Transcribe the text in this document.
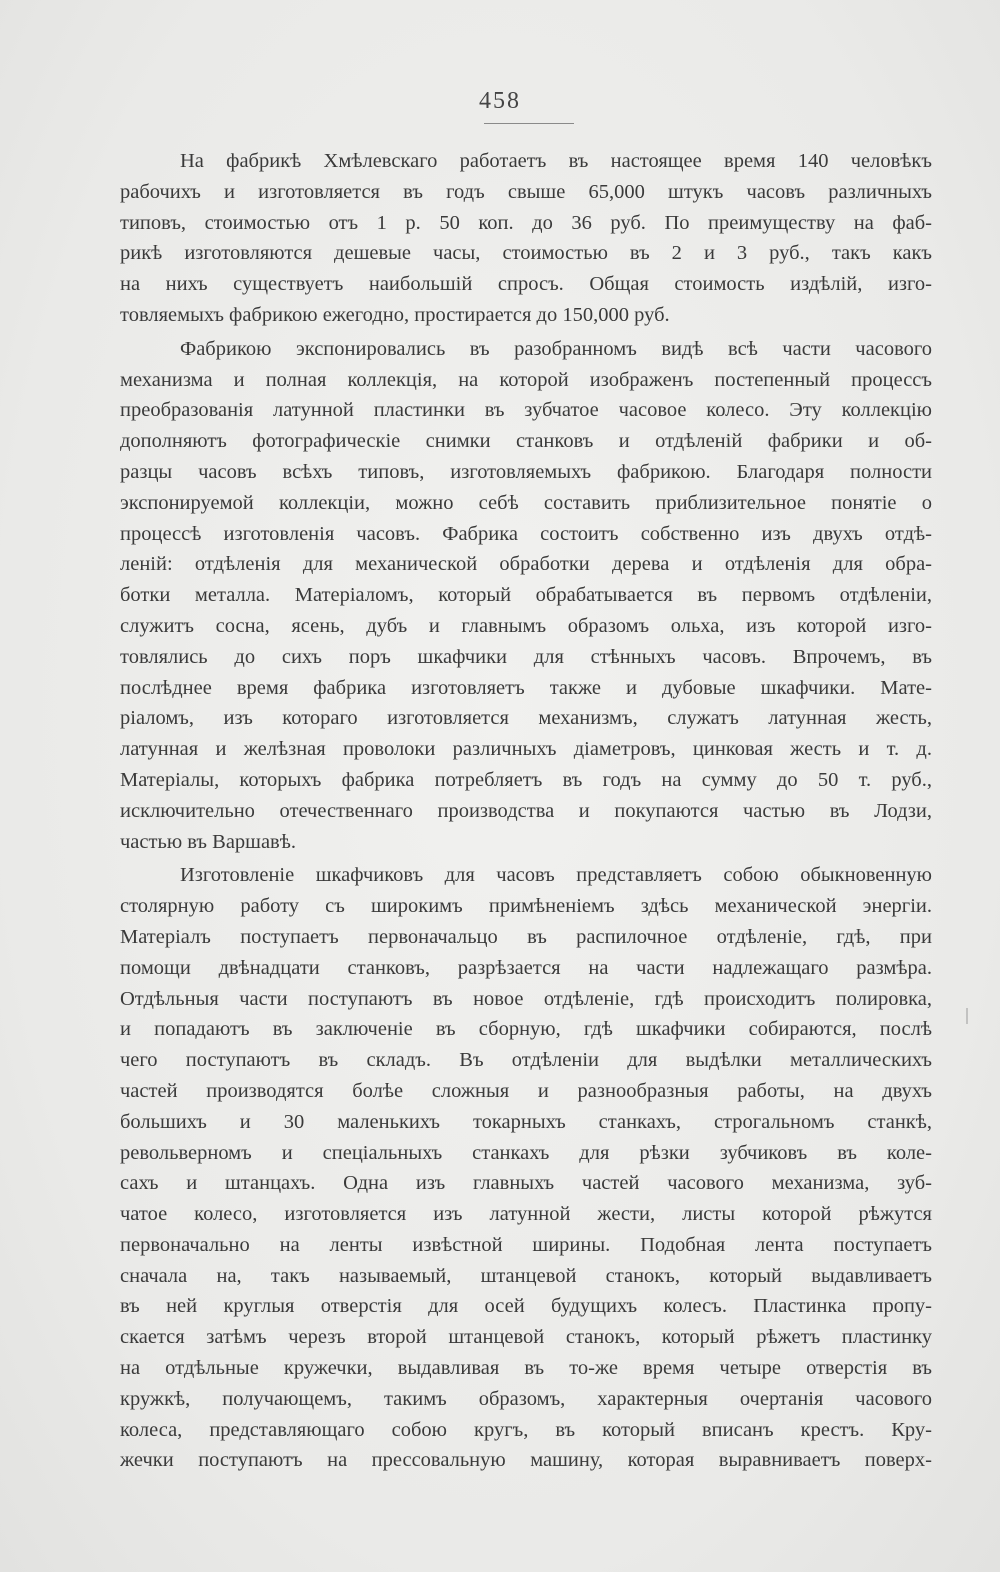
458
На фабрикѣ Хмѣлевскаго работаетъ въ настоящее время 140 человѣкъ
рабочихъ и изготовляется въ годъ свыше 65,000 штукъ часовъ различныхъ
типовъ, стоимостью отъ 1 р. 50 коп. до 36 руб. По преимуществу на фаб-
рикѣ изготовляются дешевые часы, стоимостью въ 2 и 3 руб., такъ какъ
на нихъ существуетъ наибольшій спросъ. Общая стоимость издѣлій, изго-
товляемыхъ фабрикою ежегодно, простирается до 150,000 руб.
Фабрикою экспонировались въ разобранномъ видѣ всѣ части часового
механизма и полная коллекція, на которой изображенъ постепенный процессъ
преобразованія латунной пластинки въ зубчатое часовое колесо. Эту коллекцію
дополняютъ фотографическіе снимки станковъ и отдѣленій фабрики и об-
разцы часовъ всѣхъ типовъ, изготовляемыхъ фабрикою. Благодаря полности
экспонируемой коллекціи, можно себѣ составить приблизительное понятіе о
процессѣ изготовленія часовъ. Фабрика состоитъ собственно изъ двухъ отдѣ-
леній: отдѣленія для механической обработки дерева и отдѣленія для обра-
ботки металла. Матеріаломъ, который обрабатывается въ первомъ отдѣленіи,
служитъ сосна, ясень, дубъ и главнымъ образомъ ольха, изъ которой изго-
товлялись до сихъ поръ шкафчики для стѣнныхъ часовъ. Впрочемъ, въ
послѣднее время фабрика изготовляетъ также и дубовые шкафчики. Мате-
ріаломъ, изъ котораго изготовляется механизмъ, служатъ латунная жесть,
латунная и желѣзная проволоки различныхъ діаметровъ, цинковая жесть и т. д.
Матеріалы, которыхъ фабрика потребляетъ въ годъ на сумму до 50 т. руб.,
исключительно отечественнаго производства и покупаются частью въ Лодзи,
частью въ Варшавѣ.
Изготовленіе шкафчиковъ для часовъ представляетъ собою обыкновенную
столярную работу съ широкимъ примѣненіемъ здѣсь механической энергіи.
Матеріалъ поступаетъ первоначальцо въ распилочное отдѣленіе, гдѣ, при
помощи двѣнадцати станковъ, разрѣзается на части надлежащаго размѣра.
Отдѣльныя части поступаютъ въ новое отдѣленіе, гдѣ происходитъ полировка,
и попадаютъ въ заключеніе въ сборную, гдѣ шкафчики собираются, послѣ
чего поступаютъ въ складъ. Въ отдѣленіи для выдѣлки металлическихъ
частей производятся болѣе сложныя и разнообразныя работы, на двухъ
большихъ и 30 маленькихъ токарныхъ станкахъ, строгальномъ станкѣ,
револьверномъ и спеціальныхъ станкахъ для рѣзки зубчиковъ въ коле-
сахъ и штанцахъ. Одна изъ главныхъ частей часового механизма, зуб-
чатое колесо, изготовляется изъ латунной жести, листы которой рѣжутся
первоначально на ленты извѣстной ширины. Подобная лента поступаетъ
сначала на, такъ называемый, штанцевой станокъ, который выдавливаетъ
въ ней круглыя отверстія для осей будущихъ колесъ. Пластинка пропу-
скается затѣмъ черезъ второй штанцевой станокъ, который рѣжетъ пластинку
на отдѣльные кружечки, выдавливая въ то-же время четыре отверстія въ
кружкѣ, получающемъ, такимъ образомъ, характерныя очертанія часового
колеса, представляющаго собою кругъ, въ который вписанъ крестъ. Кру-
жечки поступаютъ на прессовальную машину, которая выравниваетъ поверх-
